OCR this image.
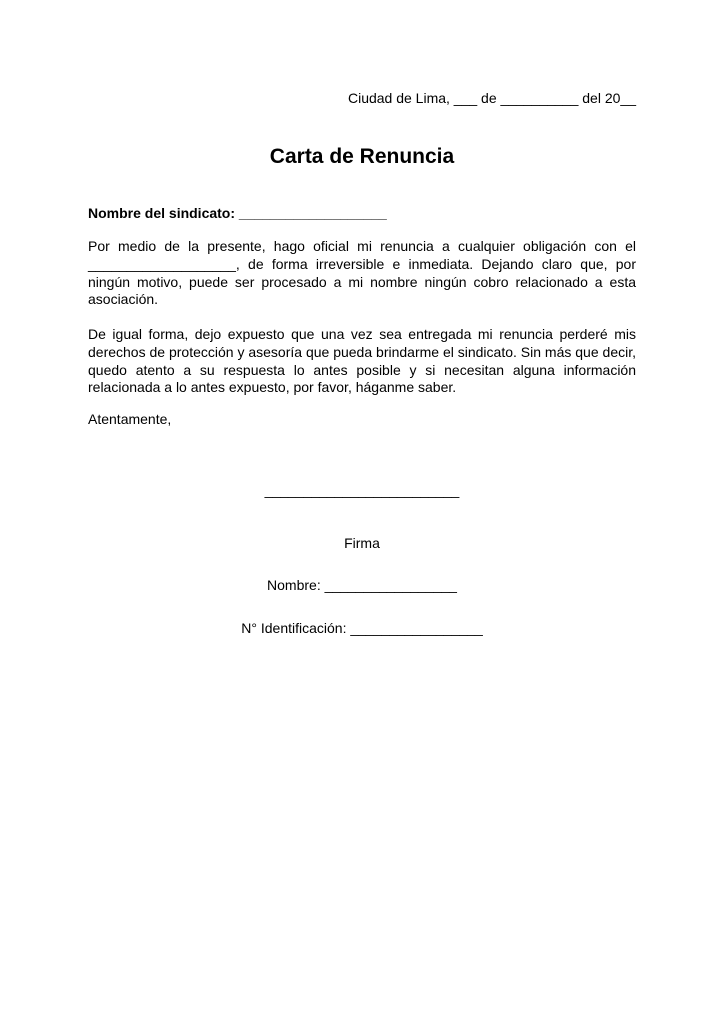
Ciudad de Lima, ___ de __________ del 20__
Carta de Renuncia
Nombre del sindicato: ___________________
Por medio de la presente, hago oficial mi renuncia a cualquier obligación con el ___________________, de forma irreversible e inmediata. Dejando claro que, por ningún motivo, puede ser procesado a mi nombre ningún cobro relacionado a esta asociación.
De igual forma, dejo expuesto que una vez sea entregada mi renuncia perderé mis derechos de protección y asesoría que pueda brindarme el sindicato. Sin más que decir, quedo atento a su respuesta lo antes posible y si necesitan alguna información relacionada a lo antes expuesto, por favor, háganme saber.
Atentamente,
_________________________
Firma
Nombre: _________________
N° Identificación: _________________
